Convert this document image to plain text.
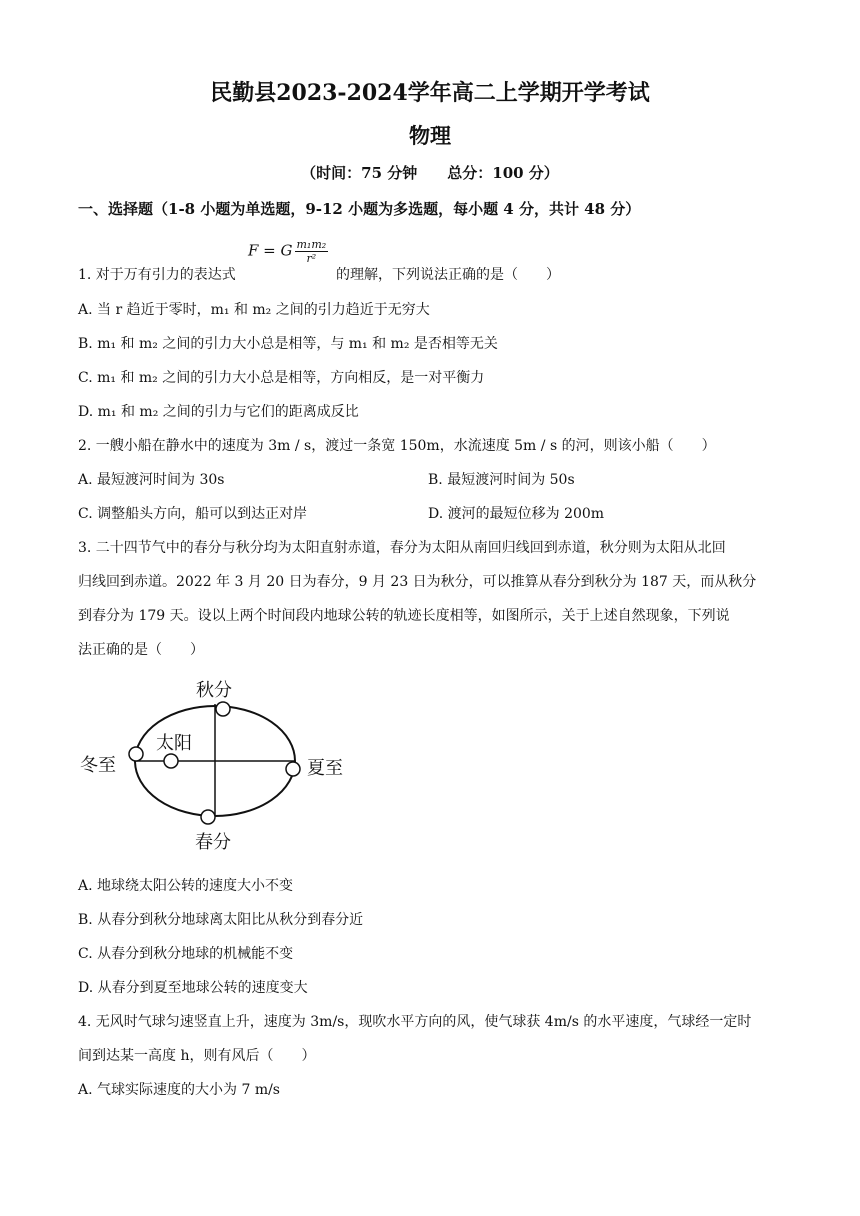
民勤县2023-2024学年高二上学期开学考试
物理
（时间：75 分钟　　总分：100 分）
一、选择题（1-8 小题为单选题，9-12 小题为多选题，每小题 4 分，共计 48 分）
1. 对于万有引力的表达式
F = G $\frac{\text{m₁m₂}}{\text{r²}}$
的理解，下列说法正确的是（　　）
A. 当 r 趋近于零时，m₁ 和 m₂ 之间的引力趋近于无穷大
B. m₁ 和 m₂ 之间的引力大小总是相等，与 m₁ 和 m₂ 是否相等无关
C. m₁ 和 m₂ 之间的引力大小总是相等，方向相反，是一对平衡力
D. m₁ 和 m₂ 之间的引力与它们的距离成反比
2. 一艘小船在静水中的速度为 3m / s，渡过一条宽 150m，水流速度 5m / s 的河，则该小船（　　）
A. 最短渡河时间为 30s	B. 最短渡河时间为 50s
C. 调整船头方向，船可以到达正对岸	D. 渡河的最短位移为 200m
3. 二十四节气中的春分与秋分均为太阳直射赤道，春分为太阳从南回归线回到赤道，秋分则为太阳从北回
归线回到赤道。2022 年 3 月 20 日为春分，9 月 23 日为秋分，可以推算从春分到秋分为 187 天，而从秋分
到春分为 179 天。设以上两个时间段内地球公转的轨迹长度相等，如图所示，关于上述自然现象，下列说
法正确的是（　　）
秋分
太阳
冬至	夏至
春分
A. 地球绕太阳公转的速度大小不变
B. 从春分到秋分地球离太阳比从秋分到春分近
C. 从春分到秋分地球的机械能不变
D. 从春分到夏至地球公转的速度变大
4. 无风时气球匀速竖直上升，速度为 3m/s，现吹水平方向的风，使气球获 4m/s 的水平速度，气球经一定时
间到达某一高度 h，则有风后（　　）
A. 气球实际速度的大小为 7 m/s
